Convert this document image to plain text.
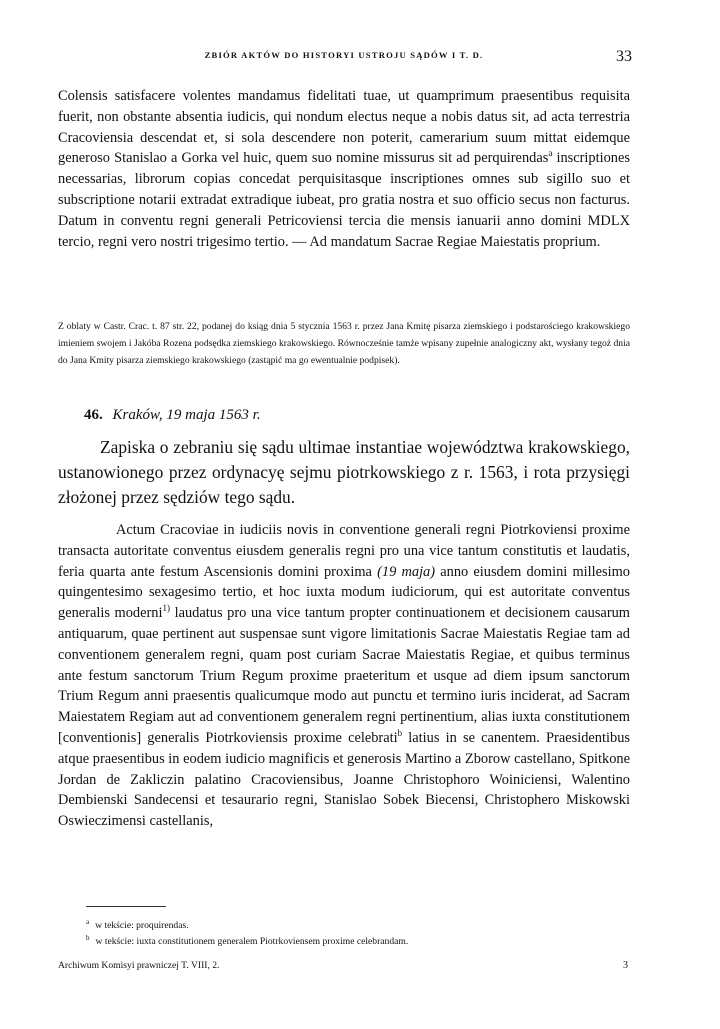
ZBIÓR AKTÓW DO HISTORYI USTROJU SĄDÓW I T. D.	33

Colensis satisfacere volentes mandamus fidelitati tuae, ut quamprimum praesentibus requisita fuerit, non obstante absentia iudicis, qui nondum electus neque a nobis datus sit, ad acta terrestria Cracoviensia descendat et, si sola descendere non poterit, camerarium suum mittat eidemque generoso Stanislao a Gorka vel huic, quem suo nomine missurus sit ad perquirendas$^a$ inscriptiones necessarias, librorum copias concedat perquisitasque inscriptiones omnes sub sigillo suo et subscriptione notarii extradat extradique iubeat, pro gratia nostra et suo officio secus non facturus. Datum in conventu regni generali Petricoviensi tercia die mensis ianuarii anno domini MDLX tercio, regni vero nostri trigesimo tertio. — Ad mandatum Sacrae Regiae Maiestatis proprium.

Z oblaty w Castr. Crac. t. 87 str. 22, podanej do ksiąg dnia 5 stycznia 1563 r. przez Jana Kmitę pisarza ziemskiego i podstarościego krakowskiego imieniem swojem i Jakóba Rozena podsędka ziemskiego krakowskiego. Równocześnie tamże wpisany zupełnie analogiczny akt, wysłany tegoż dnia do Jana Kmity pisarza ziemskiego krakowskiego (zastąpić ma go ewentualnie podpisek).
46. Kraków, 19 maja 1563 r.
Zapiska o zebraniu się sądu ultimae instantiae województwa krakowskiego, ustanowionego przez ordynacyę sejmu piotrkowskiego z r. 1563, i rota przysięgi złożonej przez sędziów tego sądu.

Actum Cracoviae in iudiciis novis in conventione generali regni Piotrkoviensi proxime transacta autoritate conventus eiusdem generalis regni pro una vice tantum constitutis et laudatis, feria quarta ante festum Ascensionis domini proxima (19 maja) anno eiusdem domini millesimo quingentesimo sexagesimo tertio, et hoc iuxta modum iudiciorum, qui est autoritate conventus generalis moderni$^{1)}$ laudatus pro una vice tantum propter continuationem et decisionem causarum antiquarum, quae pertinent aut suspensae sunt vigore limitationis Sacrae Maiestatis Regiae tam ad conventionem generalem regni, quam post curiam Sacrae Maiestatis Regiae, et quibus terminus ante festum sanctorum Trium Regum proxime praeteritum et usque ad diem ipsum sanctorum Trium Regum anni praesentis qualicumque modo aut punctu et termino iuris inciderat, ad Sacram Maiestatem Regiam aut ad conventionem generalem regni pertinentium, alias iuxta constitutionem [conventionis] generalis Piotrkoviensis proxime celebrati$^b$ latius in se canentem. Praesidentibus atque praesentibus in eodem iudicio magnificis et generosis Martino a Zborow castellano, Spitkone Jordan de Zakliczin palatino Cracoviensibus, Joanne Christophoro Woiniciensi, Walentino Dembienski Sandecensi et tesaurario regni, Stanislao Sobek Biecensi, Christophero Miskowski Oswieczimensi castellanis,

$^a$ w tekście: proquirendas.
$^b$ w tekście: iuxta constitutionem generalem Piotrkoviensem proxime celebrandam.
Archiwum Komisyi prawniczej T. VIII, 2.	3
